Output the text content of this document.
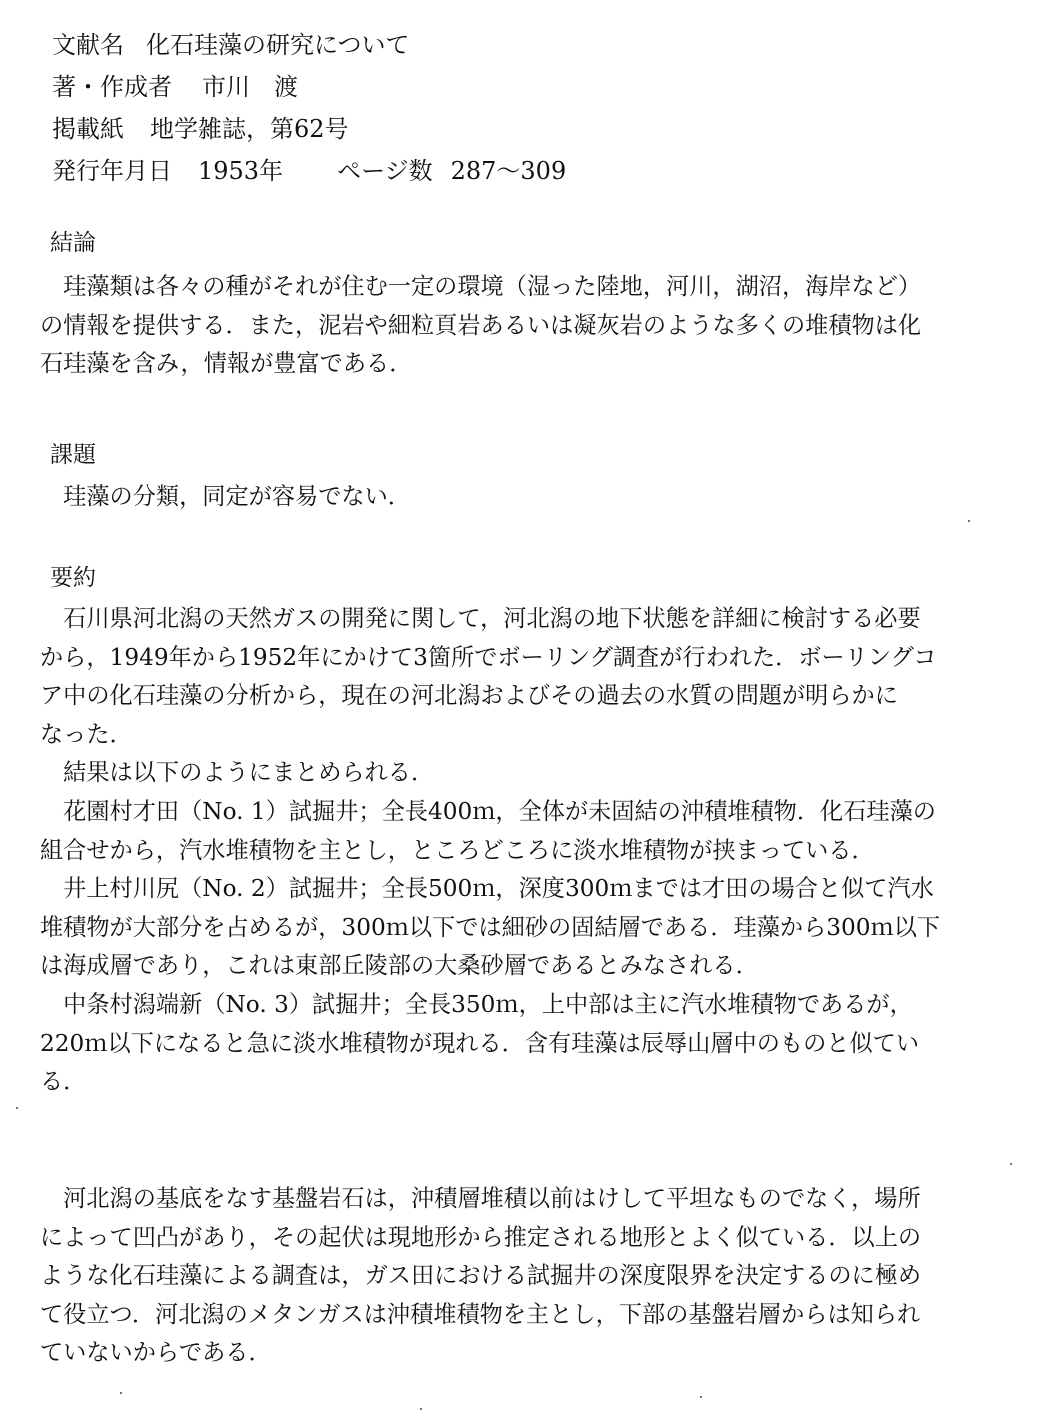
文献名 化石珪藻の研究について
著・作成者 市川　渡
掲載紙 地学雑誌，第62号
発行年月日 1953年 ページ数 287〜309
結論
　珪藻類は各々の種がそれが住む一定の環境（湿った陸地，河川，湖沼，海岸など）
の情報を提供する．また，泥岩や細粒頁岩あるいは凝灰岩のような多くの堆積物は化
石珪藻を含み，情報が豊富である．
課題
　珪藻の分類，同定が容易でない．
要約
　石川県河北潟の天然ガスの開発に関して，河北潟の地下状態を詳細に検討する必要
から，1949年から1952年にかけて3箇所でボーリング調査が行われた．ボーリングコ
ア中の化石珪藻の分析から，現在の河北潟およびその過去の水質の問題が明らかに
なった．
　結果は以下のようにまとめられる．
　花園村才田（No. 1）試掘井；全長400ｍ，全体が未固結の沖積堆積物．化石珪藻の
組合せから，汽水堆積物を主とし，ところどころに淡水堆積物が挟まっている．
　井上村川尻（No. 2）試掘井；全長500ｍ，深度300ｍまでは才田の場合と似て汽水
堆積物が大部分を占めるが，300ｍ以下では細砂の固結層である．珪藻から300ｍ以下
は海成層であり，これは東部丘陵部の大桑砂層であるとみなされる．
　中条村潟端新（No. 3）試掘井；全長350ｍ，上中部は主に汽水堆積物であるが，
220ｍ以下になると急に淡水堆積物が現れる．含有珪藻は辰辱山層中のものと似てい
る．
　河北潟の基底をなす基盤岩石は，沖積層堆積以前はけして平坦なものでなく，場所
によって凹凸があり，その起伏は現地形から推定される地形とよく似ている．以上の
ような化石珪藻による調査は，ガス田における試掘井の深度限界を決定するのに極め
て役立つ．河北潟のメタンガスは沖積堆積物を主とし，下部の基盤岩層からは知られ
ていないからである．
